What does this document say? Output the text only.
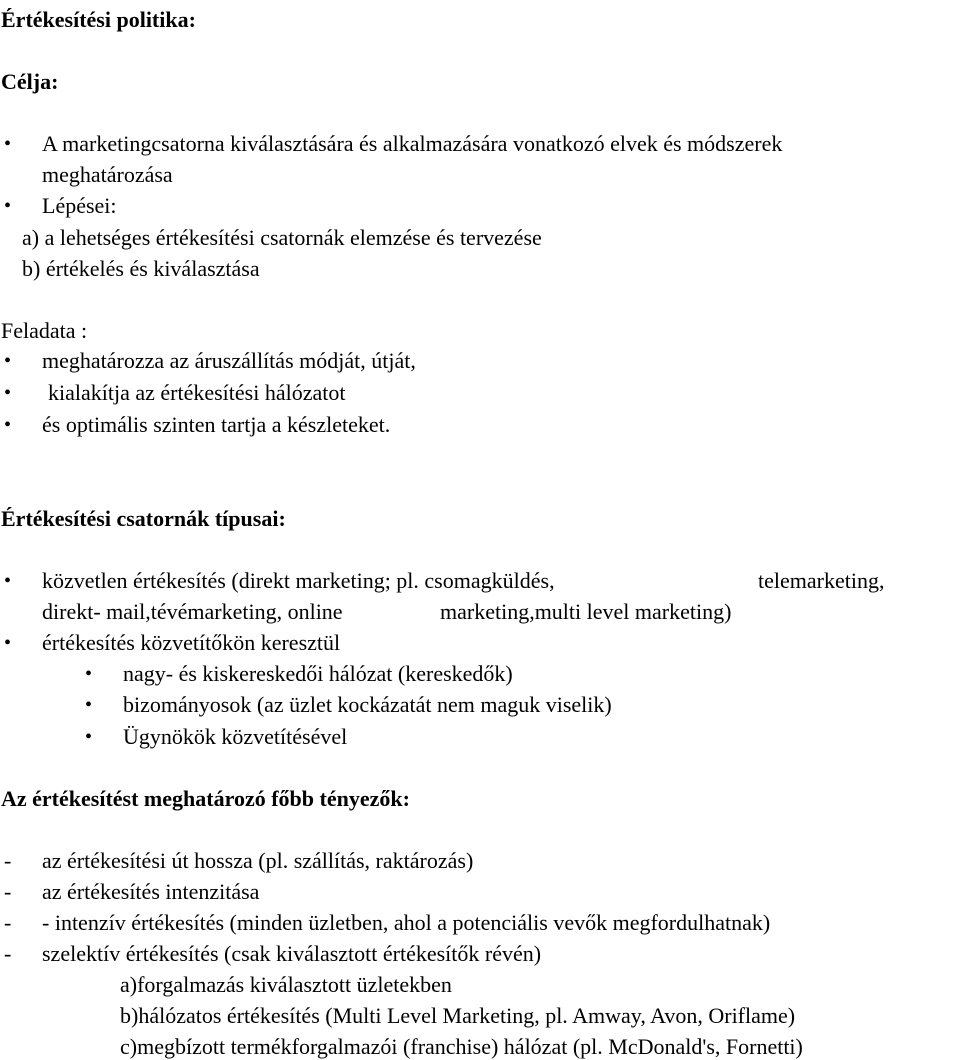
Értékesítési politika:
Célja:
• A marketingcsatorna kiválasztására és alkalmazására vonatkozó elvek és módszerek
meghatározása
• Lépései:
a) a lehetséges értékesítési csatornák elemzése és tervezése
b) értékelés és kiválasztása
Feladata :
• meghatározza az áruszállítás módját, útját,
• kialakítja az értékesítési hálózatot
• és optimális szinten tartja a készleteket.
Értékesítési csatornák típusai:
• közvetlen értékesítés (direkt marketing; pl. csomagküldés,	telemarketing,
direkt- mail,tévémarketing, online	marketing,multi level marketing)
• értékesítés közvetítőkön keresztül
• nagy- és kiskereskedői hálózat (kereskedők)
• bizományosok (az üzlet kockázatát nem maguk viselik)
• Ügynökök közvetítésével
Az értékesítést meghatározó főbb tényezők:
- az értékesítési út hossza (pl. szállítás, raktározás)
- az értékesítés intenzitása
- - intenzív értékesítés (minden üzletben, ahol a potenciális vevők megfordulhatnak)
- szelektív értékesítés (csak kiválasztott értékesítők révén)
a)forgalmazás kiválasztott üzletekben
b)hálózatos értékesítés (Multi Level Marketing, pl. Amway, Avon, Oriflame)
c)megbízott termékforgalmazói (franchise) hálózat (pl. McDonald's, Fornetti)
